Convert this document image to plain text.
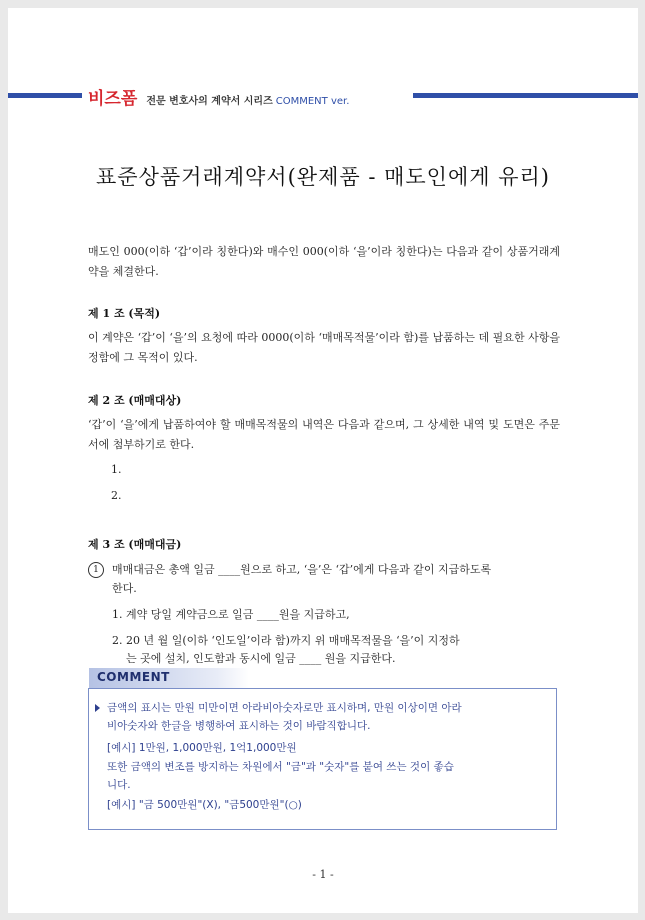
비즈폼 전문 변호사의 계약서 시리즈 COMMENT ver.
표준상품거래계약서(완제품 - 매도인에게 유리)
매도인 000(이하 ‘갑’이라 칭한다)와 매수인 000(이하 ‘을’이라 칭한다)는 다음과 같이 상품거래계약을 체결한다.
제 1 조 (목적)
이 계약은 ‘갑’이 ‘을’의 요청에 따라 0000(이하 ‘매매목적물’이라 함)를 납품하는 데 필요한 사항을 정함에 그 목적이 있다.
제 2 조 (매매대상)
‘갑’이 ‘을’에게 납품하여야 할 매매목적물의 내역은 다음과 같으며, 그 상세한 내역 및 도면은 주문서에 첨부하기로 한다.
1.
2.
제 3 조 (매매대금)
1 매매대금은 총액 일금 ____원으로 하고, ‘을’은 ‘갑’에게 다음과 같이 지급하도록
한다.
1. 계약 당일 계약금으로 일금 ____원을 지급하고,
2. 20 년 월 일(이하 ‘인도일’이라 함)까지 위 매매목적물을 ‘을’이 지정하
는 곳에 설치, 인도함과 동시에 일금 ____ 원을 지급한다.
COMMENT
금액의 표시는 만원 미만이면 아라비아숫자로만 표시하며, 만원 이상이면 아라
비아숫자와 한글을 병행하여 표시하는 것이 바람직합니다.
[예시] 1만원, 1,000만원, 1억1,000만원
또한 금액의 변조를 방지하는 차원에서 "금"과 "숫자"를 붙여 쓰는 것이 좋습
니다.
[예시] "금 500만원"(X), "금500만원"(○)
- 1 -
